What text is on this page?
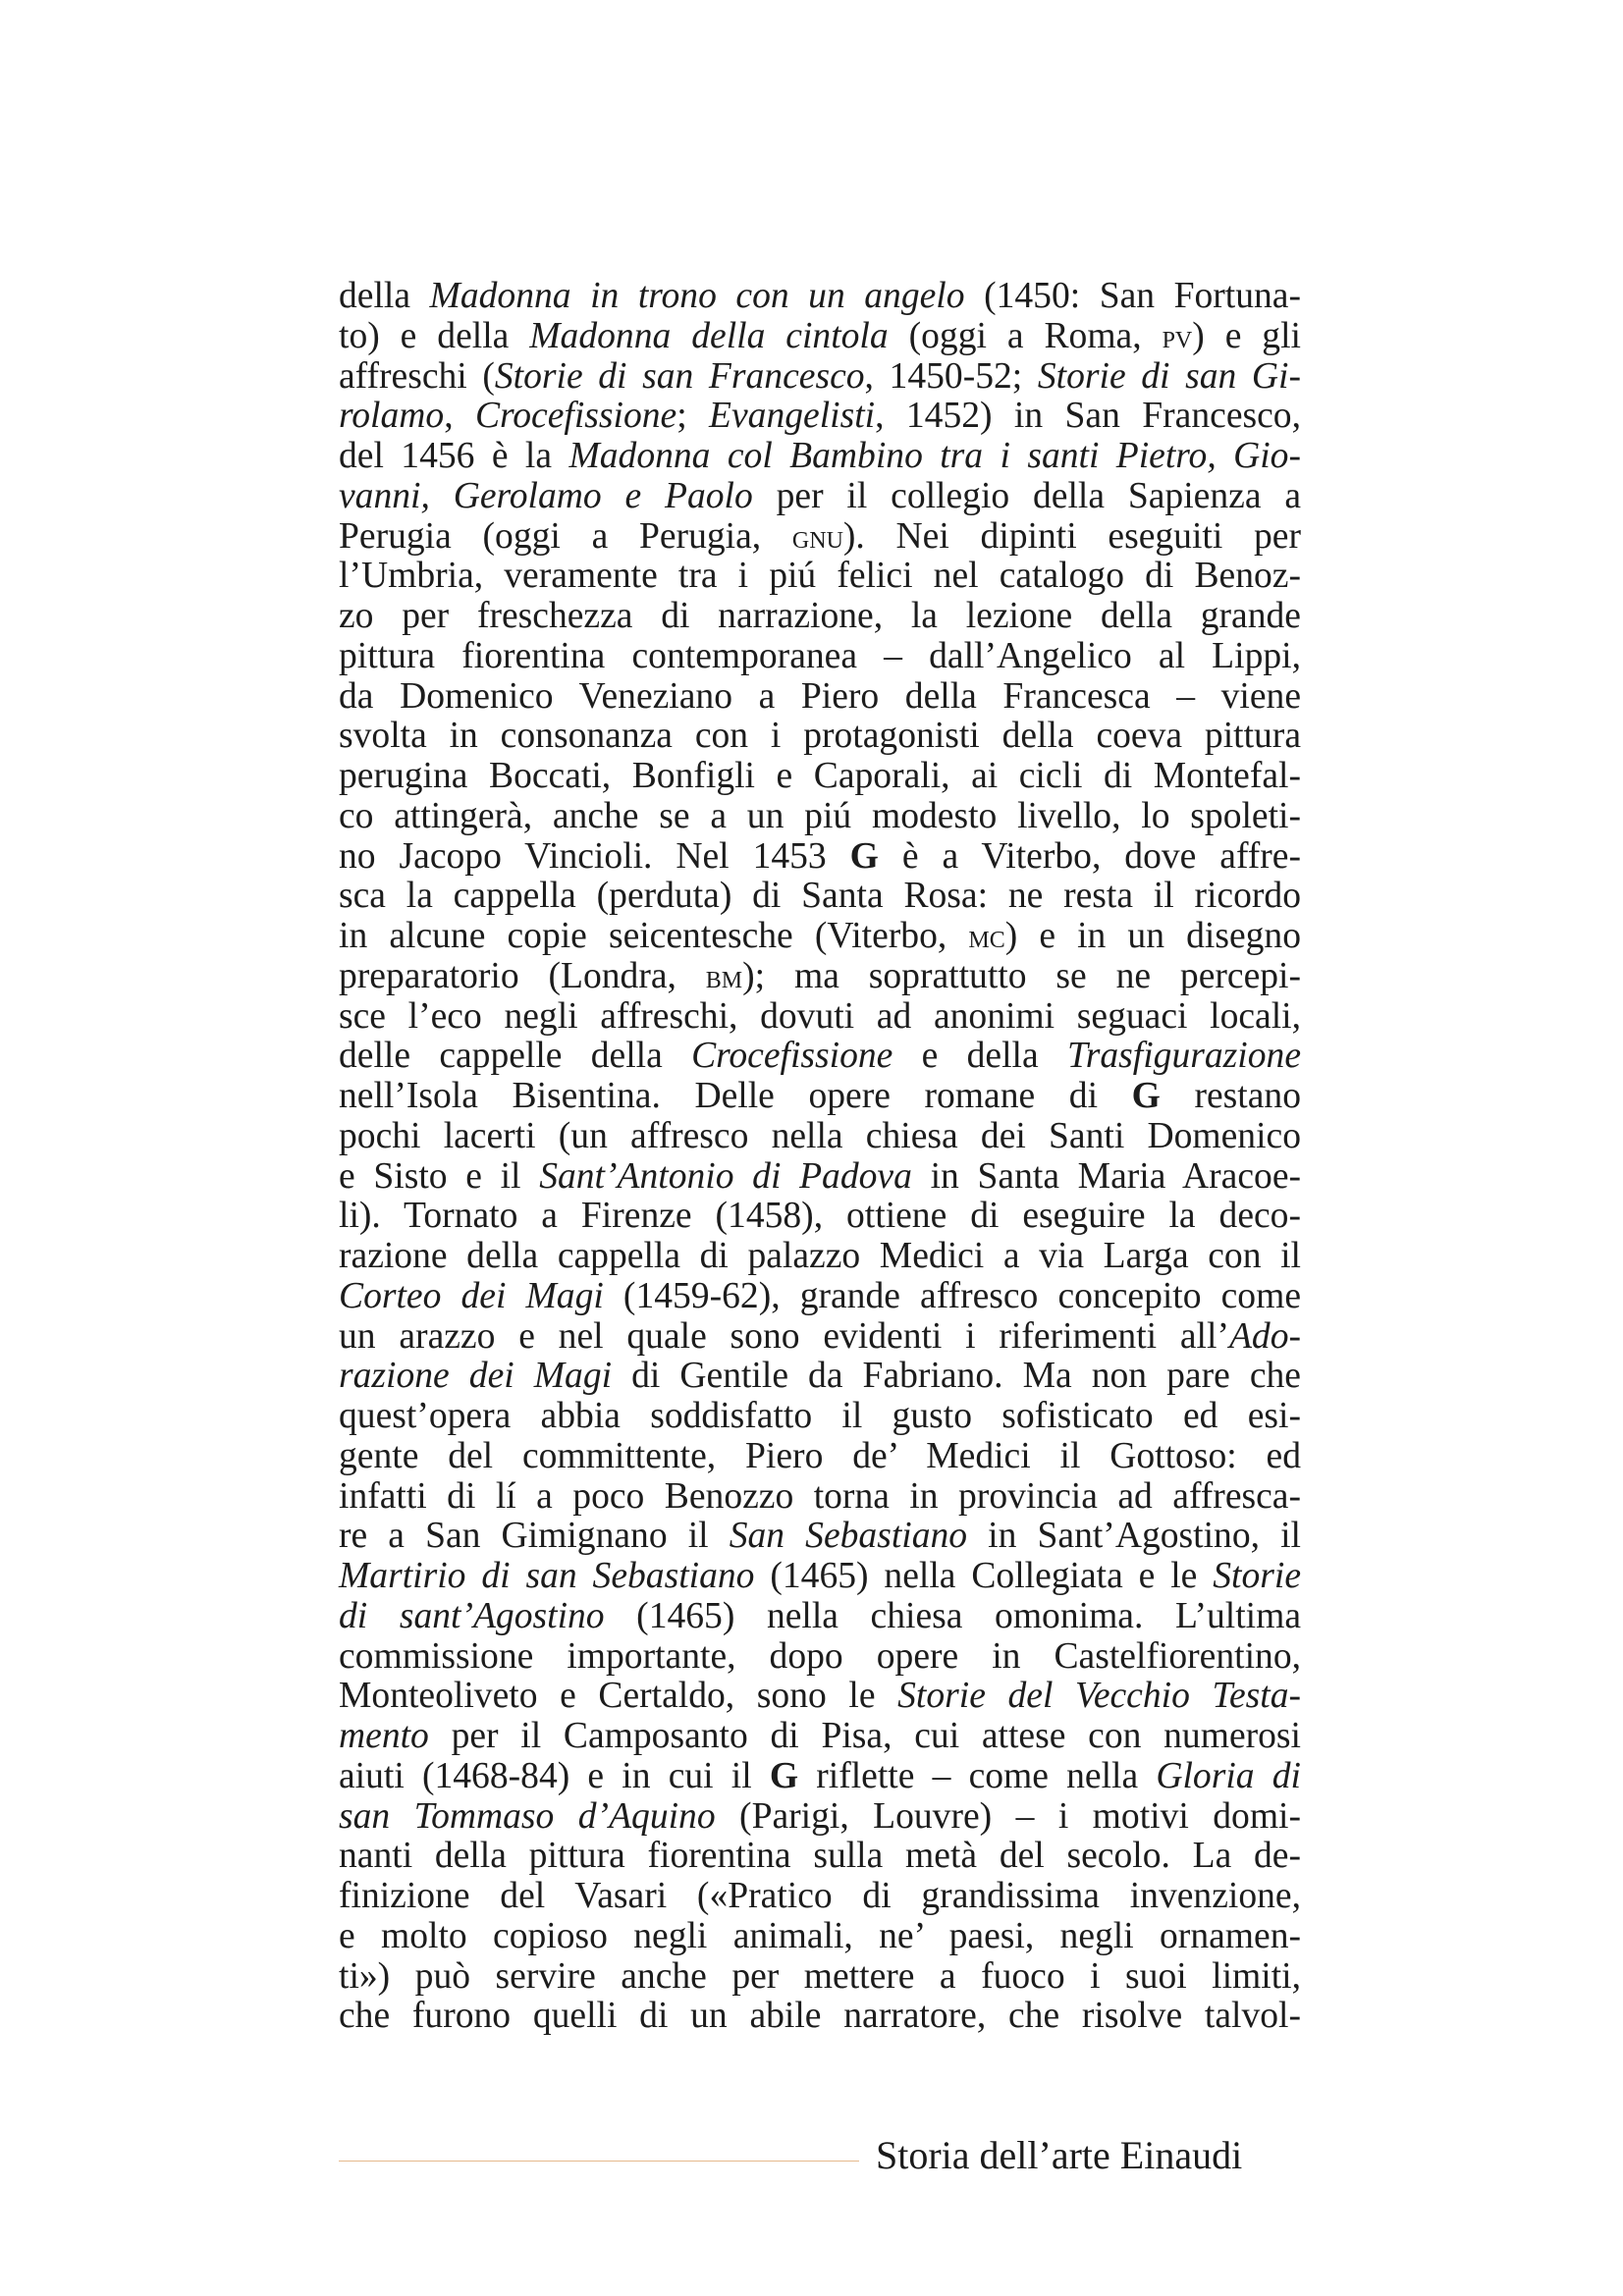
della Madonna in trono con un angelo (1450: San Fortuna-
to) e della Madonna della cintola (oggi a Roma, pv) e gli
affreschi (Storie di san Francesco, 1450-52; Storie di san Gi-
rolamo, Crocefissione; Evangelisti, 1452) in San Francesco,
del 1456 è la Madonna col Bambino tra i santi Pietro, Gio-
vanni, Gerolamo e Paolo per il collegio della Sapienza a
Perugia (oggi a Perugia, gnu). Nei dipinti eseguiti per
l’Umbria, veramente tra i piú felici nel catalogo di Benoz-
zo per freschezza di narrazione, la lezione della grande
pittura fiorentina contemporanea – dall’Angelico al Lippi,
da Domenico Veneziano a Piero della Francesca – viene
svolta in consonanza con i protagonisti della coeva pittura
perugina Boccati, Bonfigli e Caporali, ai cicli di Montefal-
co attingerà, anche se a un piú modesto livello, lo spoleti-
no Jacopo Vincioli. Nel 1453 G è a Viterbo, dove affre-
sca la cappella (perduta) di Santa Rosa: ne resta il ricordo
in alcune copie seicentesche (Viterbo, mc) e in un disegno
preparatorio (Londra, bm); ma soprattutto se ne percepi-
sce l’eco negli affreschi, dovuti ad anonimi seguaci locali,
delle cappelle della Crocefissione e della Trasfigurazione
nell’Isola Bisentina. Delle opere romane di G restano
pochi lacerti (un affresco nella chiesa dei Santi Domenico
e Sisto e il Sant’Antonio di Padova in Santa Maria Aracoe-
li). Tornato a Firenze (1458), ottiene di eseguire la deco-
razione della cappella di palazzo Medici a via Larga con il
Corteo dei Magi (1459-62), grande affresco concepito come
un arazzo e nel quale sono evidenti i riferimenti all’Ado-
razione dei Magi di Gentile da Fabriano. Ma non pare che
quest’opera abbia soddisfatto il gusto sofisticato ed esi-
gente del committente, Piero de’ Medici il Gottoso: ed
infatti di lí a poco Benozzo torna in provincia ad affresca-
re a San Gimignano il San Sebastiano in Sant’Agostino, il
Martirio di san Sebastiano (1465) nella Collegiata e le Storie
di sant’Agostino (1465) nella chiesa omonima. L’ultima
commissione importante, dopo opere in Castelfiorentino,
Monteoliveto e Certaldo, sono le Storie del Vecchio Testa-
mento per il Camposanto di Pisa, cui attese con numerosi
aiuti (1468-84) e in cui il G riflette – come nella Gloria di
san Tommaso d’Aquino (Parigi, Louvre) – i motivi domi-
nanti della pittura fiorentina sulla metà del secolo. La de-
finizione del Vasari («Pratico di grandissima invenzione,
e molto copioso negli animali, ne’ paesi, negli ornamen-
ti») può servire anche per mettere a fuoco i suoi limiti,
che furono quelli di un abile narratore, che risolve talvol-
Storia dell’arte Einaudi
